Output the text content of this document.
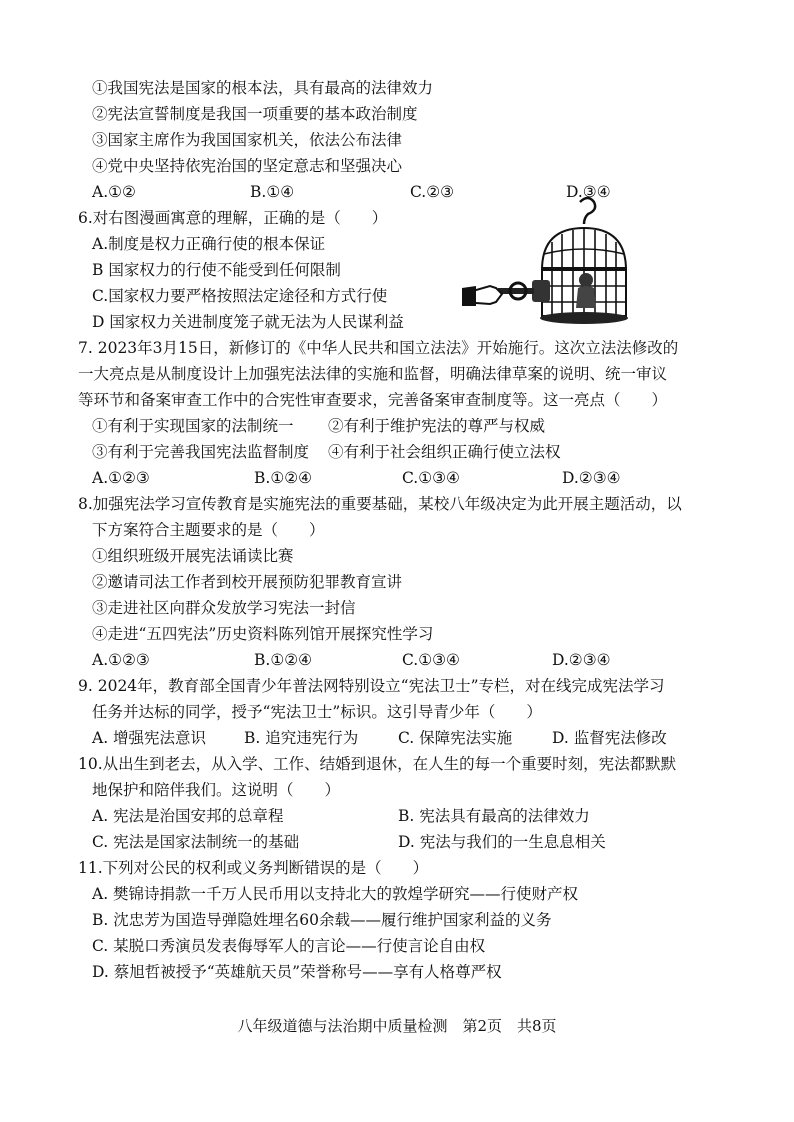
①我国宪法是国家的根本法，具有最高的法律效力
②宪法宣誓制度是我国一项重要的基本政治制度
③国家主席作为我国国家机关，依法公布法律
④党中央坚持依宪治国的坚定意志和坚强决心
A.①②	B.①④	C.②③	D.③④
6.对右图漫画寓意的理解，正确的是（　　）
A.制度是权力正确行使的根本保证
B 国家权力的行使不能受到任何限制
C.国家权力要严格按照法定途径和方式行使
D 国家权力关进制度笼子就无法为人民谋利益
7. 2023年3月15日，新修订的《中华人民共和国立法法》开始施行。这次立法法修改的
一大亮点是从制度设计上加强宪法法律的实施和监督，明确法律草案的说明、统一审议
等环节和备案审查工作中的合宪性审查要求，完善备案审查制度等。这一亮点（　　）
①有利于实现国家的法制统一 ②有利于维护宪法的尊严与权威
③有利于完善我国宪法监督制度 ④有利于社会组织正确行使立法权
A.①②③	B.①②④	C.①③④	D.②③④
8.加强宪法学习宣传教育是实施宪法的重要基础，某校八年级决定为此开展主题活动，以
下方案符合主题要求的是（　　）
①组织班级开展宪法诵读比赛
②邀请司法工作者到校开展预防犯罪教育宣讲
③走进社区向群众发放学习宪法一封信
④走进“五四宪法”历史资料陈列馆开展探究性学习
A.①②③	B.①②④	C.①③④	D.②③④
9. 2024年，教育部全国青少年普法网特别设立“宪法卫士”专栏，对在线完成宪法学习
任务并达标的同学，授予“宪法卫士”标识。这引导青少年（　　）
A. 增强宪法意识 B. 追究违宪行为	C. 保障宪法实施	D. 监督宪法修改
10.从出生到老去，从入学、工作、结婚到退休，在人生的每一个重要时刻，宪法都默默
地保护和陪伴我们。这说明（　　）
A. 宪法是治国安邦的总章程	B. 宪法具有最高的法律效力
C. 宪法是国家法制统一的基础	D. 宪法与我们的一生息息相关
11.下列对公民的权利或义务判断错误的是（　　）
A. 樊锦诗捐款一千万人民币用以支持北大的敦煌学研究——行使财产权
B. 沈忠芳为国造导弹隐姓埋名60余载——履行维护国家利益的义务
C. 某脱口秀演员发表侮辱军人的言论——行使言论自由权
D. 蔡旭哲被授予“英雄航天员”荣誉称号——享有人格尊严权
八年级道德与法治期中质量检测　第2页　共8页
